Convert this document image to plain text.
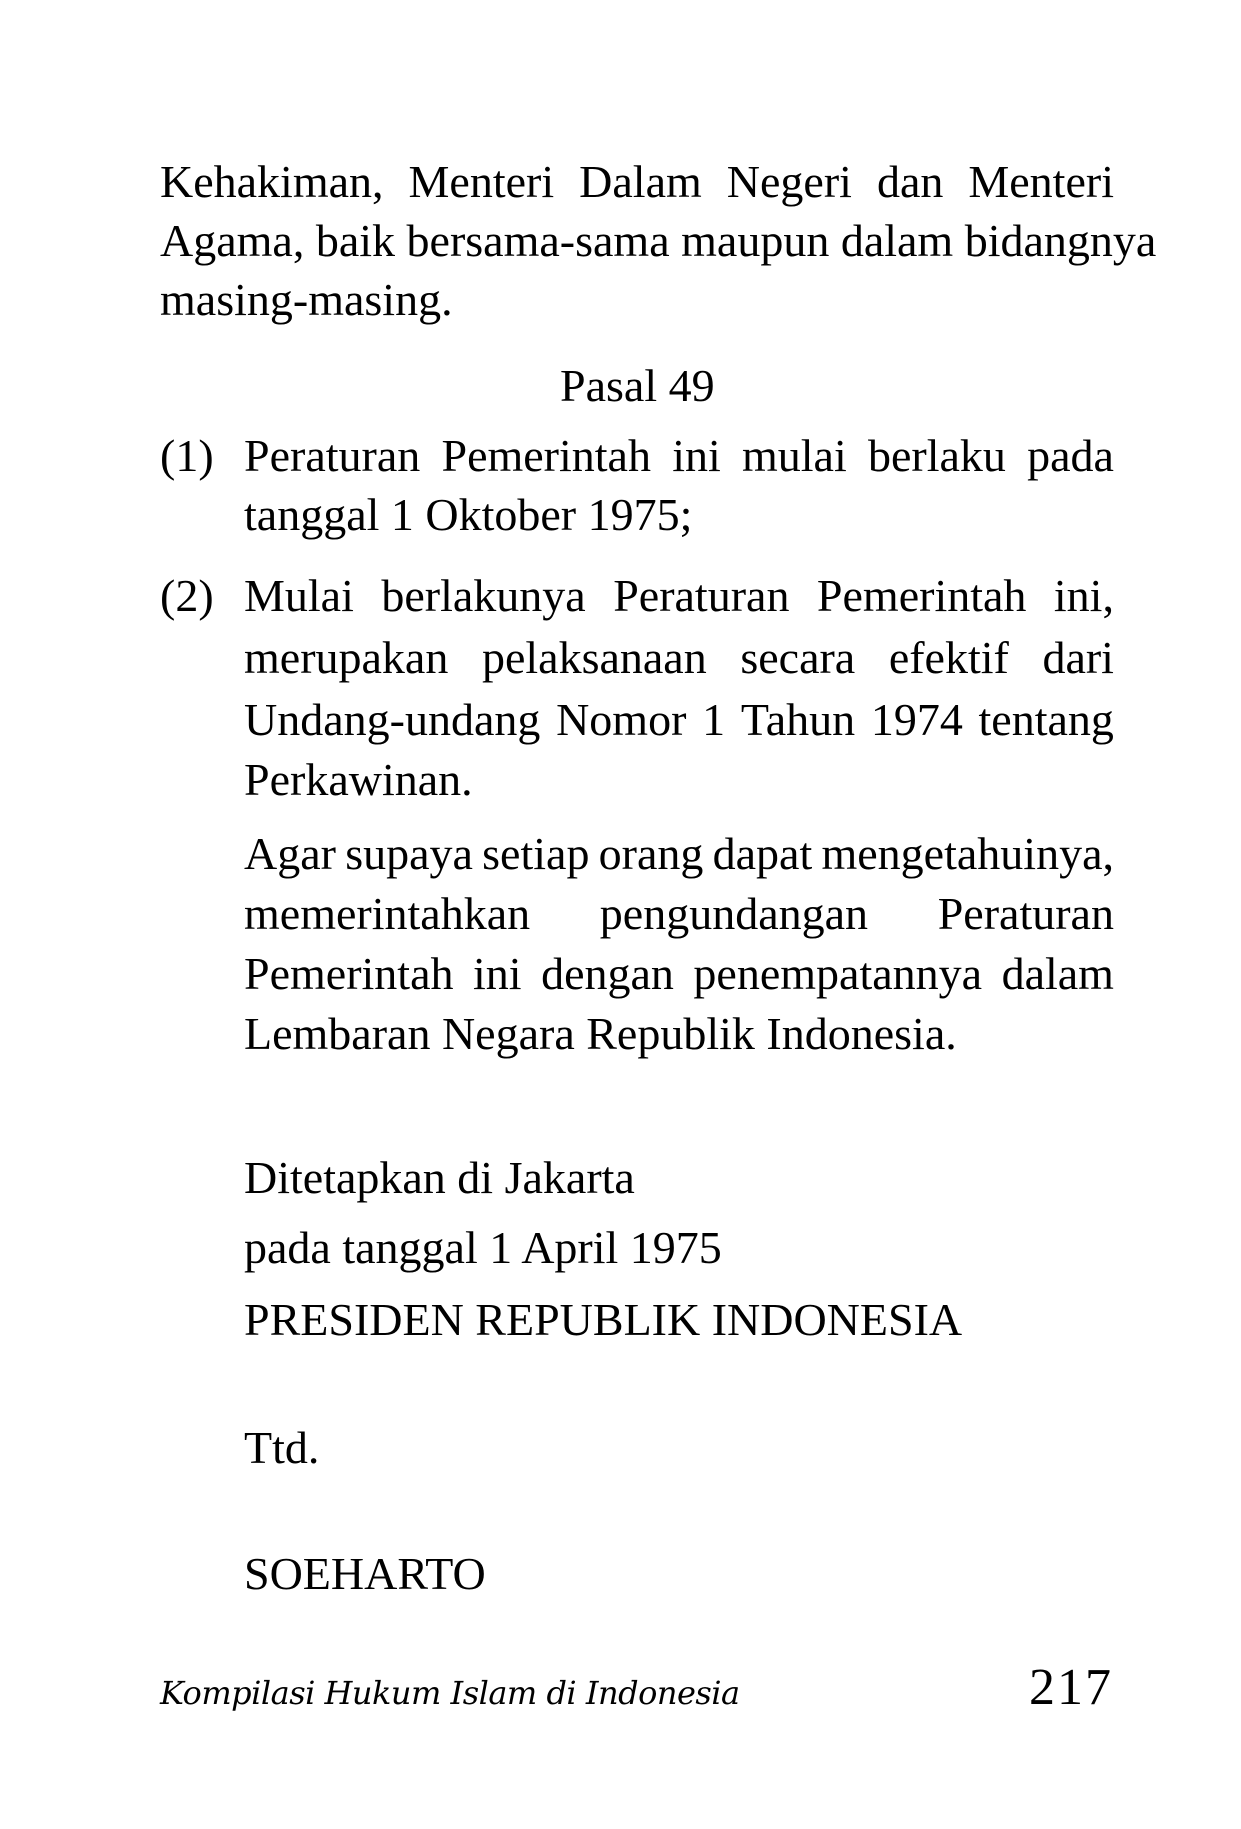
Kehakiman, Menteri Dalam Negeri dan Menteri
Agama, baik bersama-sama maupun dalam bidangnya
masing-masing.
Pasal 49
(1) Peraturan Pemerintah ini mulai berlaku pada
tanggal 1 Oktober 1975;
(2) Mulai berlakunya Peraturan Pemerintah ini,
merupakan pelaksanaan secara efektif dari
Undang-undang Nomor 1 Tahun 1974 tentang
Perkawinan.
Agar supaya setiap orang dapat mengetahuinya,
memerintahkan pengundangan Peraturan
Pemerintah ini dengan penempatannya dalam
Lembaran Negara Republik Indonesia.
Ditetapkan di Jakarta
pada tanggal 1 April 1975
PRESIDEN REPUBLIK INDONESIA
Ttd.
SOEHARTO
Kompilasi Hukum Islam di Indonesia	217
